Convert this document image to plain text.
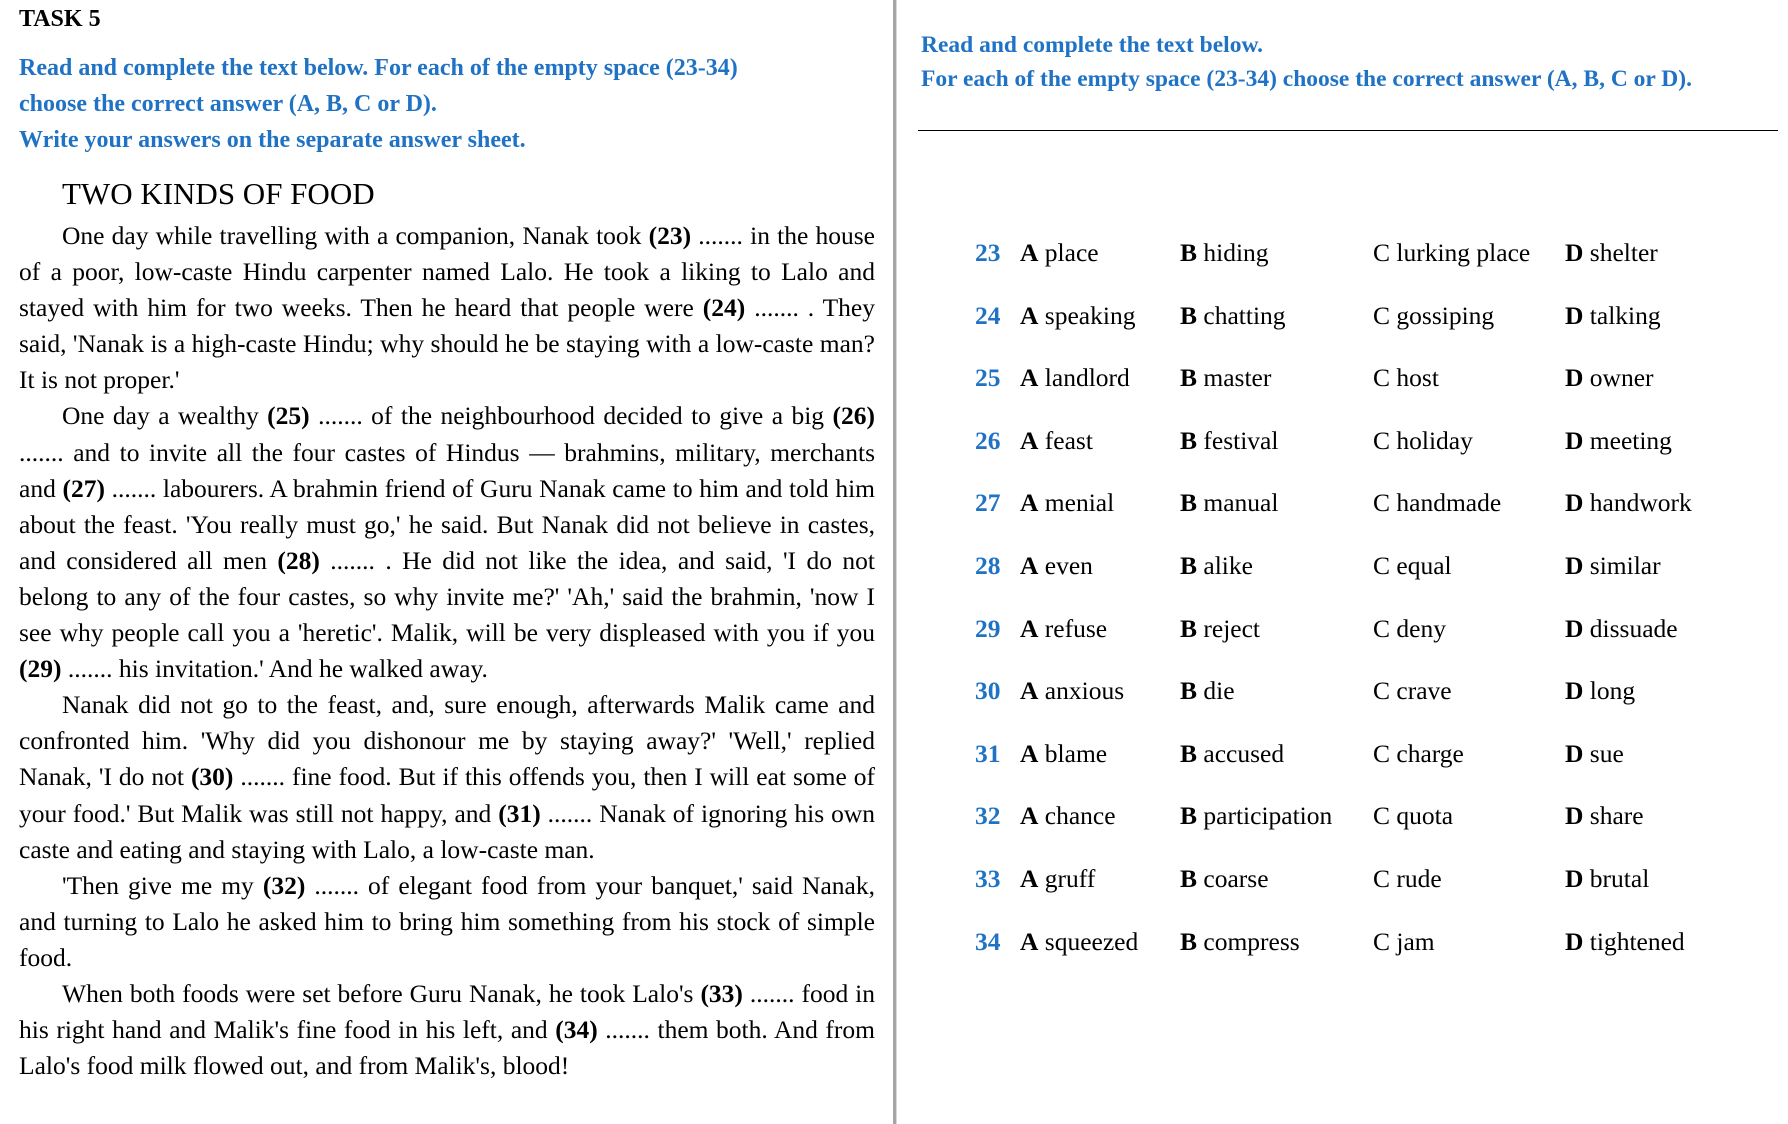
TASK 5
Read and complete the text below. For each of the empty space (23-34)
choose the correct answer (A, B, C or D).
Write your answers on the separate answer sheet.
TWO KINDS OF FOOD

One day while travelling with a companion, Nanak took (23) ....... in the house of a poor, low-caste Hindu carpenter named Lalo. He took a liking to Lalo and stayed with him for two weeks. Then he heard that people were (24) ....... . They said, 'Nanak is a high-caste Hindu; why should he be staying with a low-caste man? It is not proper.'

One day a wealthy (25) ....... of the neighbourhood decided to give a big (26) ....... and to invite all the four castes of Hindus — brahmins, military, merchants and (27) ....... labourers. A brahmin friend of Guru Nanak came to him and told him about the feast. 'You really must go,' he said. But Nanak did not believe in castes, and considered all men (28) ....... . He did not like the idea, and said, 'I do not belong to any of the four castes, so why invite me?' 'Ah,' said the brahmin, 'now I see why people call you a 'heretic'. Malik, will be very displeased with you if you (29) ....... his invitation.' And he walked away.

Nanak did not go to the feast, and, sure enough, afterwards Malik came and confronted him. 'Why did you dishonour me by staying away?' 'Well,' replied Nanak, 'I do not (30) ....... fine food. But if this offends you, then I will eat some of your food.' But Malik was still not happy, and (31) ....... Nanak of ignoring his own caste and eating and staying with Lalo, a low-caste man.

'Then give me my (32) ....... of elegant food from your banquet,' said Nanak, and turning to Lalo he asked him to bring him something from his stock of simple food.

When both foods were set before Guru Nanak, he took Lalo's (33) ....... food in his right hand and Malik's fine food in his left, and (34) ....... them both. And from Lalo's food milk flowed out, and from Malik's, blood!

Read and complete the text below.
For each of the empty space (23-34) choose the correct answer (A, B, C or D).
23 A place	B hiding	C lurking place D shelter
24 A speaking B chatting	C gossiping	D talking
25 A landlord B master	C host	D owner
26 A feast	B festival	C holiday	D meeting
27 A menial	B manual	C handmade	D handwork
28 A even	B alike	C equal	D similar
29 A refuse	B reject	C deny	D dissuade
30 A anxious B die	C crave	D long
31 A blame	B accused	C charge	D sue
32 A chance	B participation C quota	D share
33 A gruff	B coarse	C rude	D brutal
34 A squeezed B compress	C jam	D tightened
